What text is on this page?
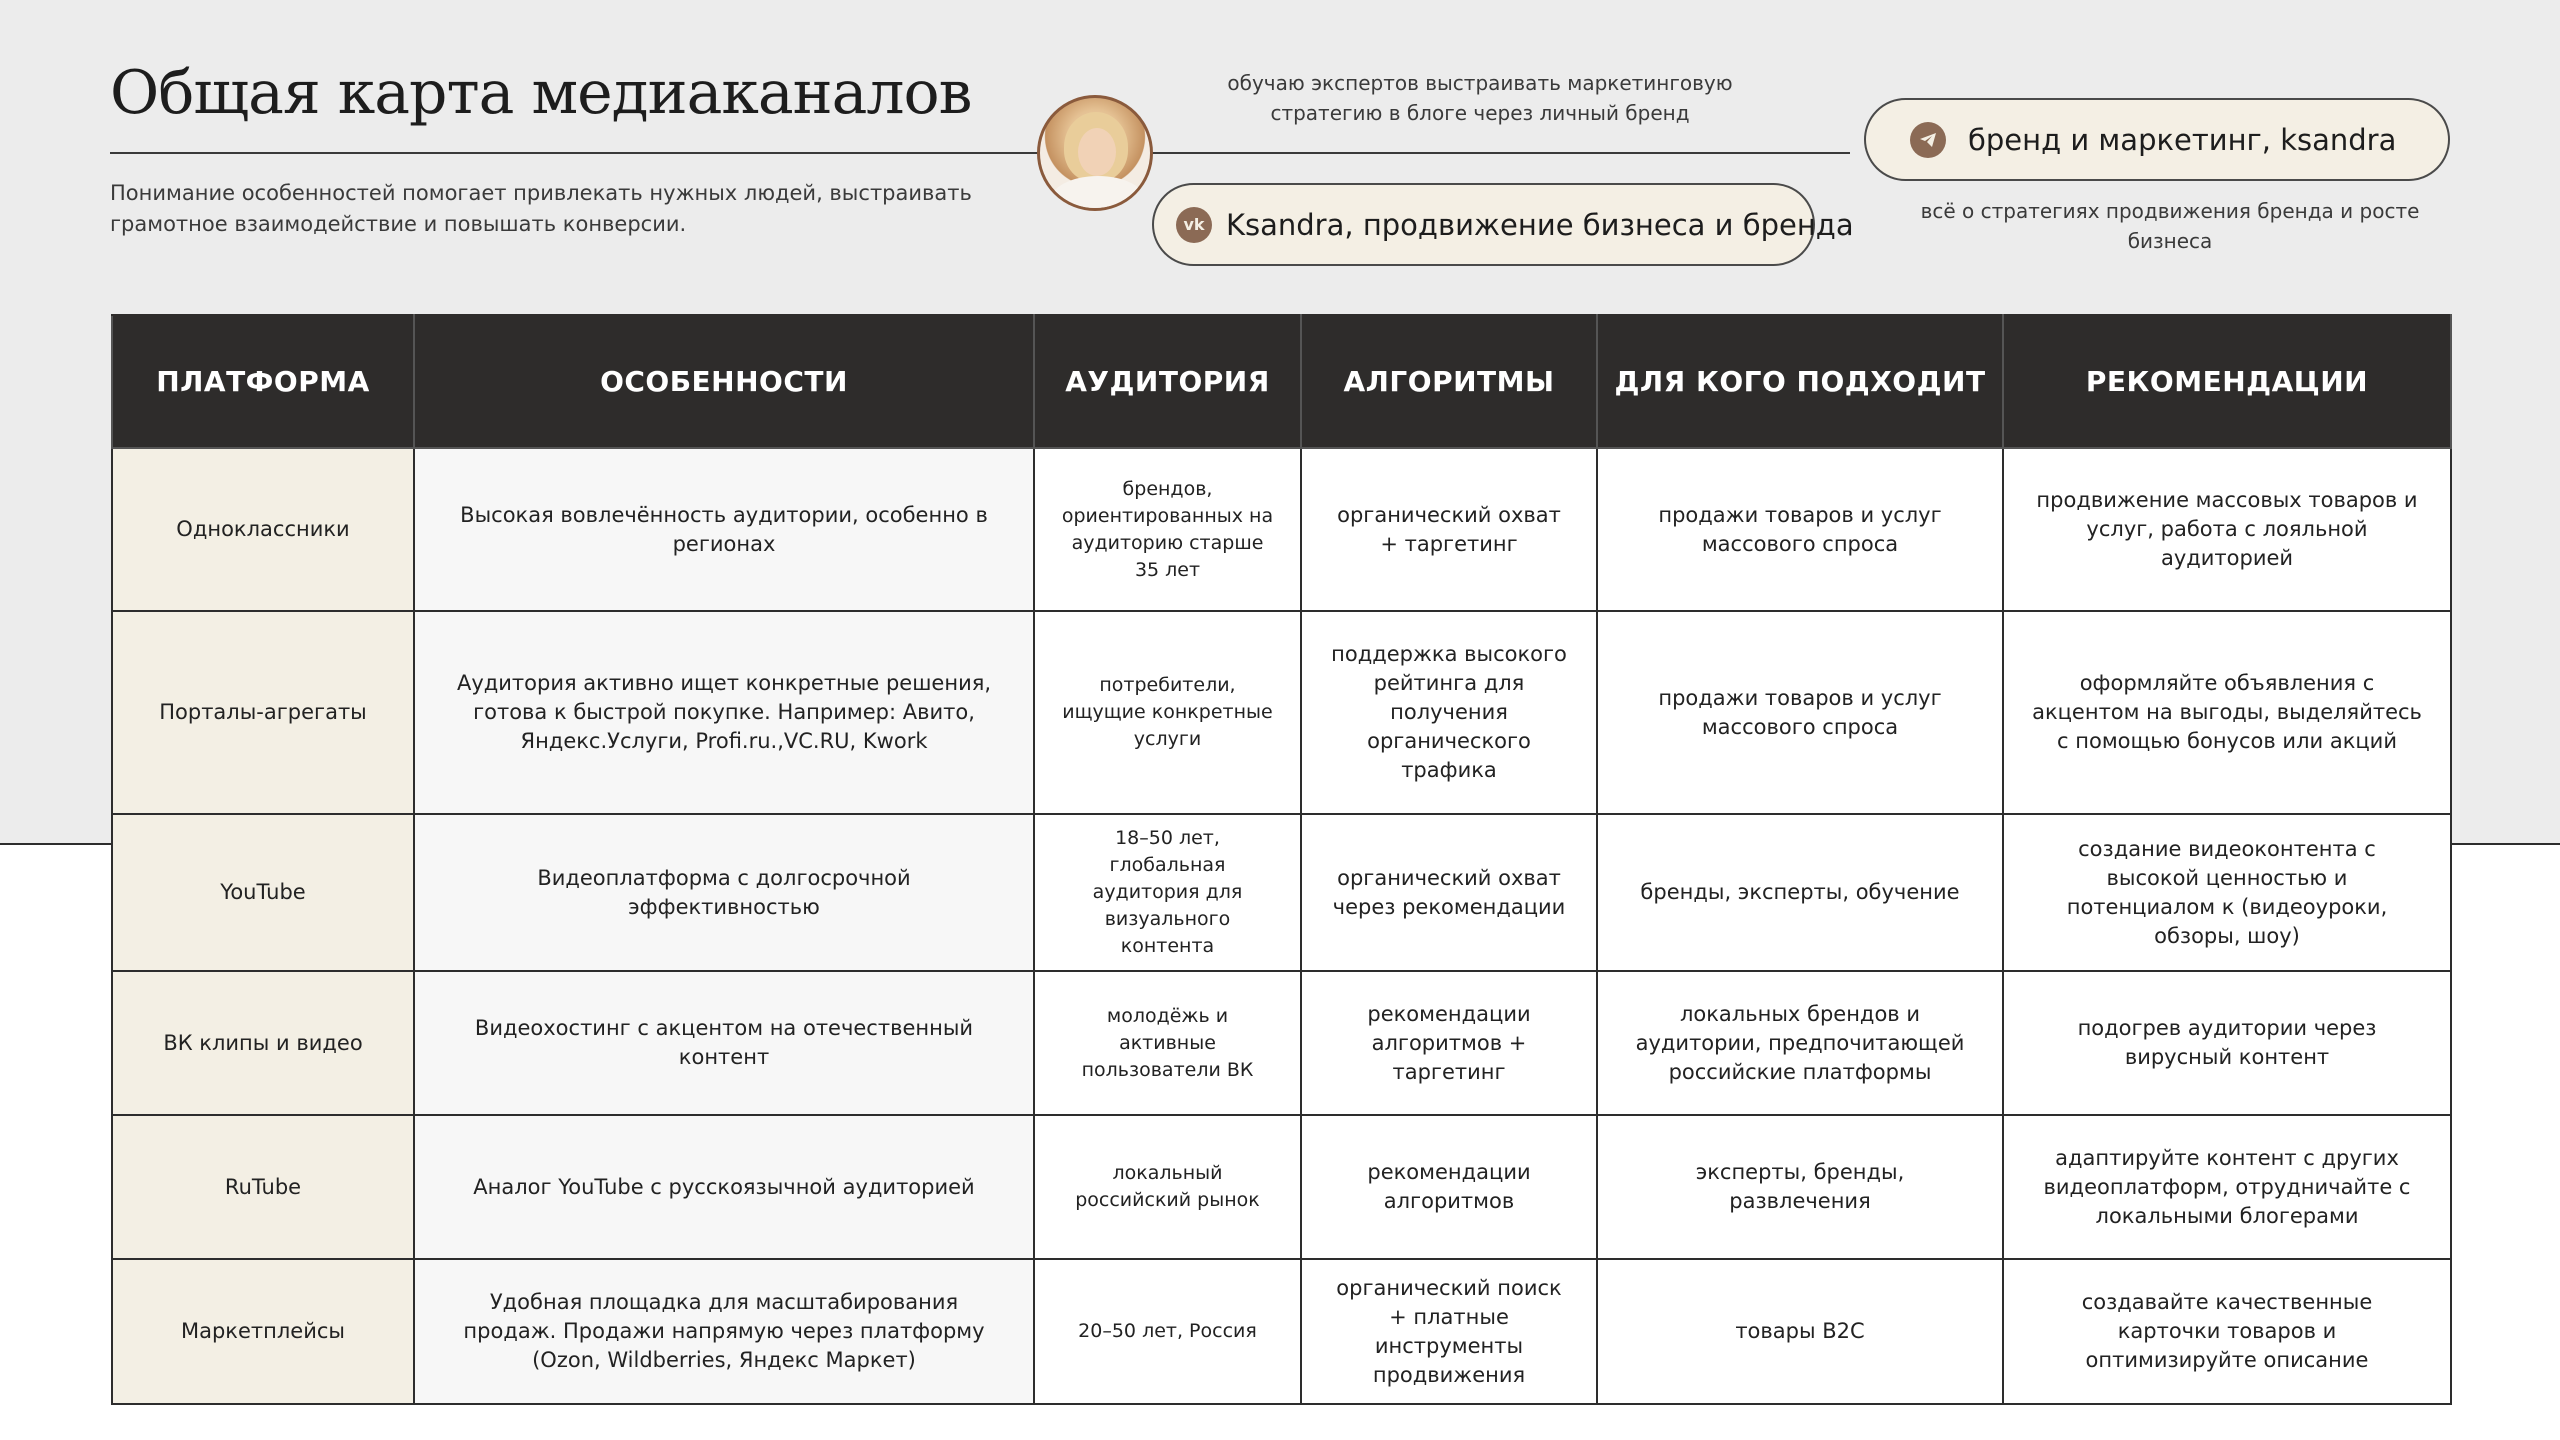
Общая карта медиаканалов

Понимание особенностей помогает привлекать нужных людей, выстраивать грамотное взаимодействие и повышать конверсии.

обучаю экспертов выстраивать маркетинговую стратегию в блоге через личный бренд

vk Ksandra, продвижение бизнеса и бренда
бренд и маркетинг, ksandra

всё о стратегиях продвижения бренда и росте бизнеса

ПЛАТФОРМА	ОСОБЕННОСТИ	АУДИТОРИЯ	АЛГОРИТМЫ	ДЛЯ КОГО ПОДХОДИТ	РЕКОМЕНДАЦИИ
Одноклассники	Высокая вовлечённость аудитории, особенно в регионах	брендов, ориентированных на аудиторию старше 35 лет	органический охват + таргетинг	продажи товаров и услуг массового спроса	продвижение массовых товаров и услуг, работа с лояльной аудиторией
Порталы-агрегаты	Аудитория активно ищет конкретные решения, готова к быстрой покупке. Например: Авито, Яндекс.Услуги, Profi.ru.,VC.RU, Kwork	потребители, ищущие конкретные услуги	поддержка высокого рейтинга для получения органического трафика	продажи товаров и услуг массового спроса	оформляйте объявления с акцентом на выгоды, выделяйтесь с помощью бонусов или акций
YouTube	Видеоплатформа с долгосрочной эффективностью	18–50 лет, глобальная аудитория для визуального контента	органический охват через рекомендации	бренды, эксперты, обучение	создание видеоконтента с высокой ценностью и потенциалом к (видеоуроки, обзоры, шоу)
ВК клипы и видео	Видеохостинг с акцентом на отечественный контент	молодёжь и активные пользователи ВК	рекомендации алгоритмов + таргетинг	локальных брендов и аудитории, предпочитающей российские платформы	подогрев аудитории через вирусный контент
RuTube	Аналог YouTube с русскоязычной аудиторией	локальный российский рынок	рекомендации алгоритмов	эксперты, бренды, развлечения	адаптируйте контент с других видеоплатформ, отрудничайте с локальными блогерами
Маркетплейсы	Удобная площадка для масштабирования продаж. Продажи напрямую через платформу (Ozon, Wildberries, Яндекс Маркет)	20–50 лет, Россия	органический поиск + платные инструменты продвижения	товары B2C	создавайте качественные карточки товаров и оптимизируйте описание
